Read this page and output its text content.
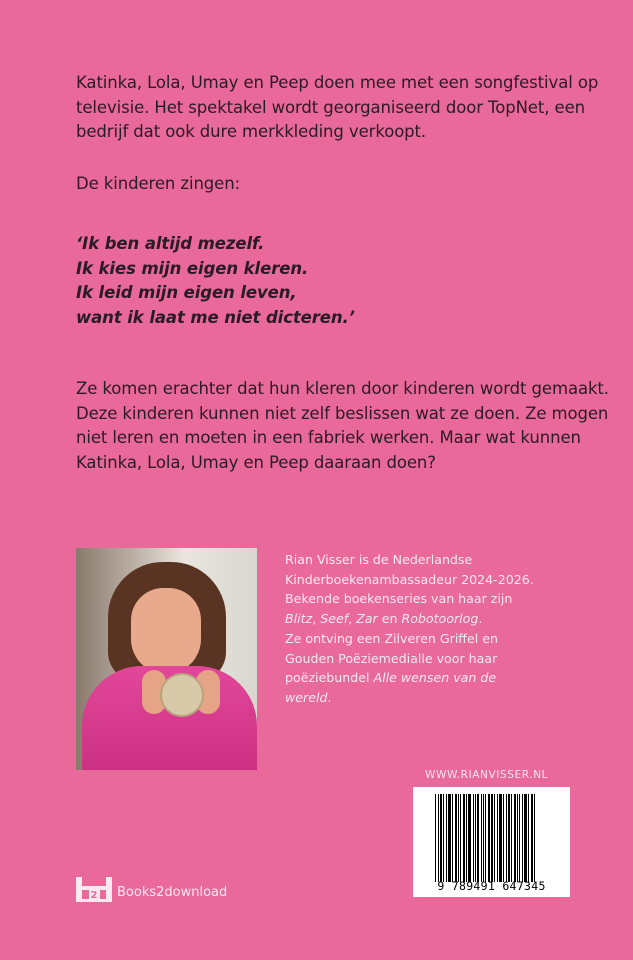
Katinka, Lola, Umay en Peep doen mee met een songfestival op televisie. Het spektakel wordt georganiseerd door TopNet, een bedrijf dat ook dure merkkleding verkoopt.

De kinderen zingen:

‘Ik ben altijd mezelf.

Ik kies mijn eigen kleren.

Ik leid mijn eigen leven,

want ik laat me niet dicteren.’

Ze komen erachter dat hun kleren door kinderen wordt gemaakt. Deze kinderen kunnen niet zelf beslissen wat ze doen. Ze mogen niet leren en moeten in een fabriek werken. Maar wat kunnen Katinka, Lola, Umay en Peep daaraan doen?

Rian Visser is de Nederlandse Kinderboekenambassadeur 2024-2026. Bekende boekenseries van haar zijn
Blitz, Seef, Zar en Robotoorlog.
Ze ontving een Zilveren Griffel en Gouden Poëziemedialle voor haar poëziebundel Alle wensen van de wereld.

WWW.RIANVISSER.NL
9 789491 647345
2 Books2download
